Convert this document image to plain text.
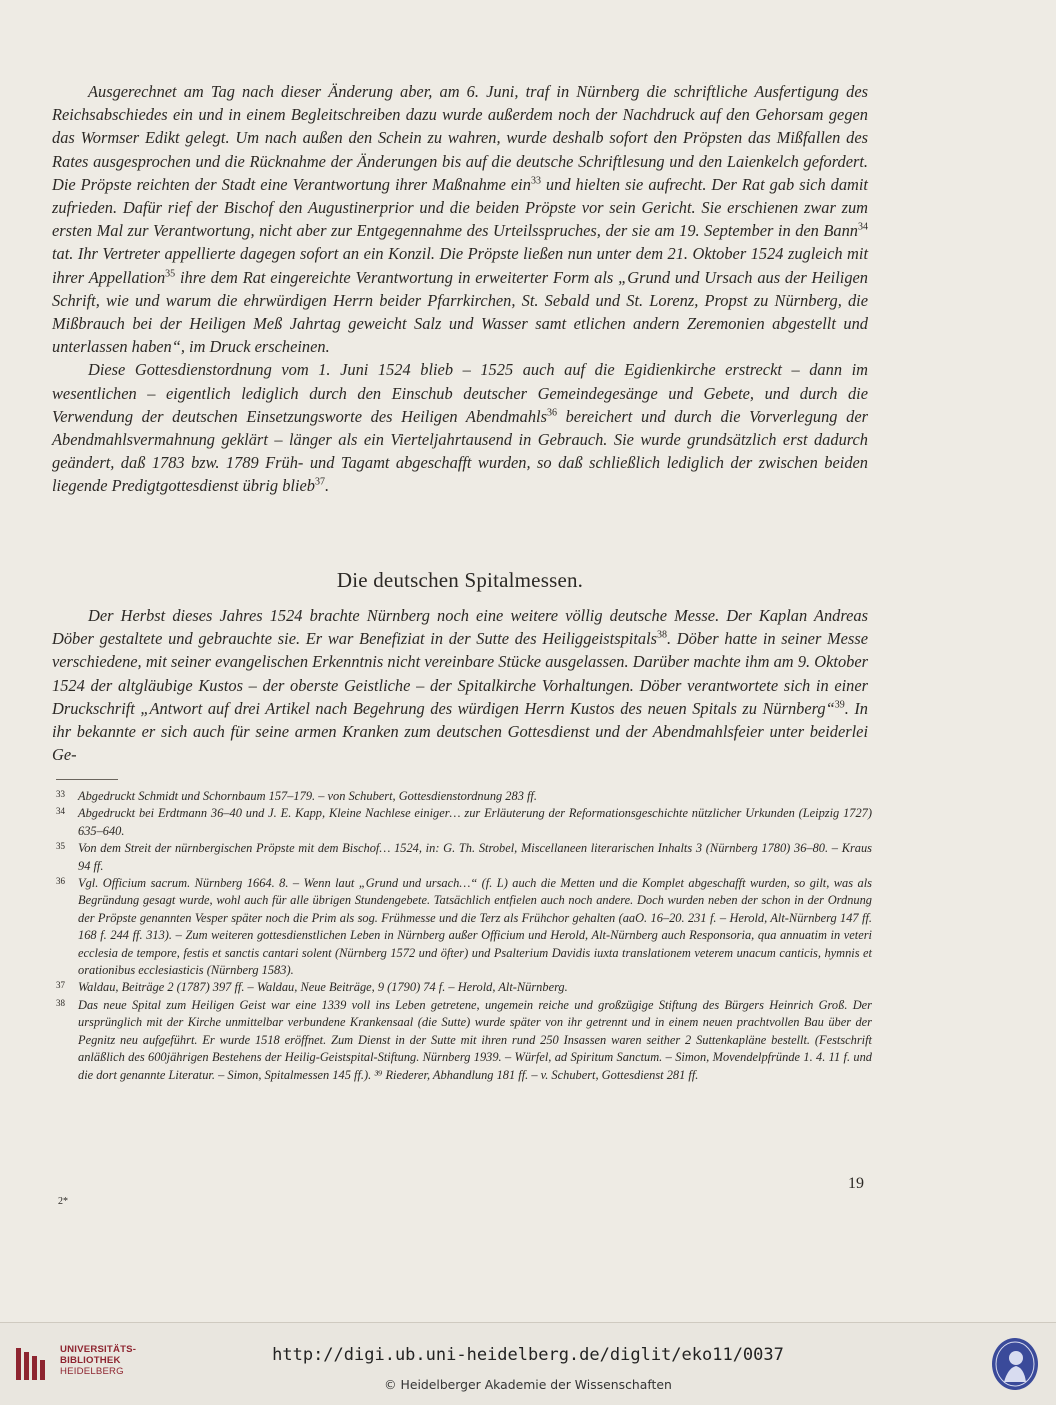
Ausgerechnet am Tag nach dieser Änderung aber, am 6. Juni, traf in Nürnberg die schriftliche Ausfertigung des Reichsabschiedes ein und in einem Begleitschreiben dazu wurde außerdem noch der Nachdruck auf den Gehorsam gegen das Wormser Edikt gelegt. Um nach außen den Schein zu wahren, wurde deshalb sofort den Pröpsten das Mißfallen des Rates ausgesprochen und die Rücknahme der Änderungen bis auf die deutsche Schriftlesung und den Laienkelch gefordert. Die Pröpste reichten der Stadt eine Verantwortung ihrer Maßnahme ein$^{33}$ und hielten sie aufrecht. Der Rat gab sich damit zufrieden. Dafür rief der Bischof den Augustinerprior und die beiden Pröpste vor sein Gericht. Sie erschienen zwar zum ersten Mal zur Verantwortung, nicht aber zur Entgegennahme des Urteilsspruches, der sie am 19. September in den Bann$^{34}$ tat. Ihr Vertreter appellierte dagegen sofort an ein Konzil. Die Pröpste ließen nun unter dem 21. Oktober 1524 zugleich mit ihrer Appellation$^{35}$ ihre dem Rat eingereichte Verantwortung in erweiterter Form als „Grund und Ursach aus der Heiligen Schrift, wie und warum die ehrwürdigen Herrn beider Pfarrkirchen, St. Sebald und St. Lorenz, Propst zu Nürnberg, die Mißbrauch bei der Heiligen Meß Jahrtag geweicht Salz und Wasser samt etlichen andern Zeremonien abgestellt und unterlassen haben“, im Druck erscheinen.

Diese Gottesdienstordnung vom 1. Juni 1524 blieb – 1525 auch auf die Egidienkirche erstreckt – dann im wesentlichen – eigentlich lediglich durch den Einschub deutscher Gemeindegesänge und Gebete, und durch die Verwendung der deutschen Einsetzungsworte des Heiligen Abendmahls$^{36}$ bereichert und durch die Vorverlegung der Abendmahlsvermahnung geklärt – länger als ein Vierteljahrtausend in Gebrauch. Sie wurde grundsätzlich erst dadurch geändert, daß 1783 bzw. 1789 Früh- und Tagamt abgeschafft wurden, so daß schließlich lediglich der zwischen beiden liegende Predigtgottesdienst übrig blieb$^{37}$.

Die deutschen Spitalmessen.

Der Herbst dieses Jahres 1524 brachte Nürnberg noch eine weitere völlig deutsche Messe. Der Kaplan Andreas Döber gestaltete und gebrauchte sie. Er war Benefiziat in der Sutte des Heiliggeistspitals$^{38}$. Döber hatte in seiner Messe verschiedene, mit seiner evangelischen Erkenntnis nicht vereinbare Stücke ausgelassen. Darüber machte ihm am 9. Oktober 1524 der altgläubige Kustos – der oberste Geistliche – der Spitalkirche Vorhaltungen. Döber verantwortete sich in einer Druckschrift „Antwort auf drei Artikel nach Begehrung des würdigen Herrn Kustos des neuen Spitals zu Nürnberg“$^{39}$. In ihr bekannte er sich auch für seine armen Kranken zum deutschen Gottesdienst und der Abendmahlsfeier unter beiderlei Ge-

33 Abgedruckt Schmidt und Schornbaum 157–179. – von Schubert, Gottesdienstordnung 283 ff.
34 Abgedruckt bei Erdtmann 36–40 und J. E. Kapp, Kleine Nachlese einiger… zur Erläuterung der Reformationsgeschichte nützlicher Urkunden (Leipzig 1727) 635–640.
35 Von dem Streit der nürnbergischen Pröpste mit dem Bischof… 1524, in: G. Th. Strobel, Miscellaneen literarischen Inhalts 3 (Nürnberg 1780) 36–80. – Kraus 94 ff.
36 Vgl. Officium sacrum. Nürnberg 1664. 8. – Wenn laut „Grund und ursach…“ (f. L) auch die Metten und die Komplet abgeschafft wurden, so gilt, was als Begründung gesagt wurde, wohl auch für alle übrigen Stundengebete. Tatsächlich entfielen auch noch andere. Doch wurden neben der schon in der Ordnung der Pröpste genannten Vesper später noch die Prim als sog. Frühmesse und die Terz als Frühchor gehalten (aaO. 16–20. 231 f. – Herold, Alt-Nürnberg 147 ff. 168 f. 244 ff. 313). – Zum weiteren gottesdienstlichen Leben in Nürnberg außer Officium und Herold, Alt-Nürnberg auch Responsoria, qua annuatim in veteri ecclesia de tempore, festis et sanctis cantari solent (Nürnberg 1572 und öfter) und Psalterium Davidis iuxta translationem veterem unacum canticis, hymnis et orationibus ecclesiasticis (Nürnberg 1583).
37 Waldau, Beiträge 2 (1787) 397 ff. – Waldau, Neue Beiträge, 9 (1790) 74 f. – Herold, Alt-Nürnberg.
38 Das neue Spital zum Heiligen Geist war eine 1339 voll ins Leben getretene, ungemein reiche und großzügige Stiftung des Bürgers Heinrich Groß. Der ursprünglich mit der Kirche unmittelbar verbundene Krankensaal (die Sutte) wurde später von ihr getrennt und in einem neuen prachtvollen Bau über der Pegnitz neu aufgeführt. Er wurde 1518 eröffnet. Zum Dienst in der Sutte mit ihren rund 250 Insassen waren seither 2 Suttenkapläne bestellt. (Festschrift anläßlich des 600jährigen Bestehens der Heilig-Geistspital-Stiftung. Nürnberg 1939. – Würfel, ad Spiritum Sanctum. – Simon, Movendelpfründe 1. 4. 11 f. und die dort genannte Literatur. – Simon, Spitalmessen 145 ff.). ³⁹ Riederer, Abhandlung 181 ff. – v. Schubert, Gottesdienst 281 ff.
19
2*
UNIVERSITÄTS-
BIBLIOTHEK
HEIDELBERG
http://digi.ub.uni-heidelberg.de/diglit/eko11/0037
© Heidelberger Akademie der Wissenschaften
